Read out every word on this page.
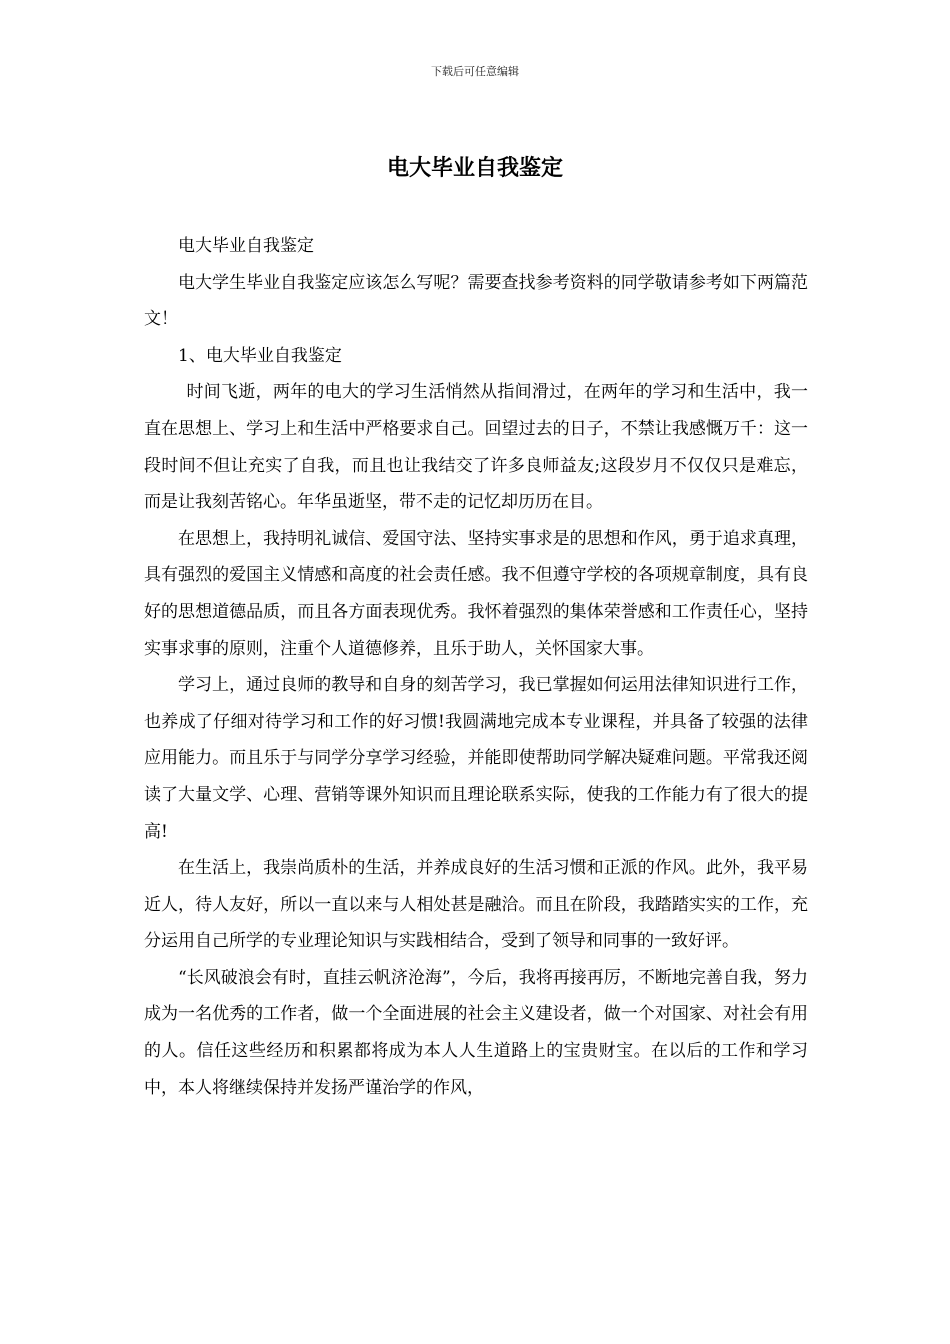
下载后可任意编辑
电大毕业自我鉴定

电大毕业自我鉴定

电大学生毕业自我鉴定应该怎么写呢？需要查找参考资料的同学敬请参考如下两篇范文！

1、电大毕业自我鉴定

时间飞逝，两年的电大的学习生活悄然从指间滑过，在两年的学习和生活中，我一直在思想上、学习上和生活中严格要求自己。回望过去的日子，不禁让我感慨万千：这一段时间不但让充实了自我，而且也让我结交了许多良师益友;这段岁月不仅仅只是难忘，而是让我刻苦铭心。年华虽逝坚，带不走的记忆却历历在目。

在思想上，我持明礼诚信、爱国守法、坚持实事求是的思想和作风，勇于追求真理，具有强烈的爱国主义情感和高度的社会责任感。我不但遵守学校的各项规章制度，具有良好的思想道德品质，而且各方面表现优秀。我怀着强烈的集体荣誉感和工作责任心，坚持实事求事的原则，注重个人道德修养，且乐于助人，关怀国家大事。

学习上，通过良师的教导和自身的刻苦学习，我已掌握如何运用法律知识进行工作，也养成了仔细对待学习和工作的好习惯!我圆满地完成本专业课程，并具备了较强的法律应用能力。而且乐于与同学分享学习经验，并能即使帮助同学解决疑难问题。平常我还阅读了大量文学、心理、营销等课外知识而且理论联系实际，使我的工作能力有了很大的提高!

在生活上，我崇尚质朴的生活，并养成良好的生活习惯和正派的作风。此外，我平易近人，待人友好，所以一直以来与人相处甚是融洽。而且在阶段，我踏踏实实的工作，充分运用自己所学的专业理论知识与实践相结合，受到了领导和同事的一致好评。

“长风破浪会有时，直挂云帆济沧海”，今后，我将再接再厉，不断地完善自我，努力成为一名优秀的工作者，做一个全面进展的社会主义建设者，做一个对国家、对社会有用的人。信任这些经历和积累都将成为本人人生道路上的宝贵财宝。在以后的工作和学习中，本人将继续保持并发扬严谨治学的作风，
